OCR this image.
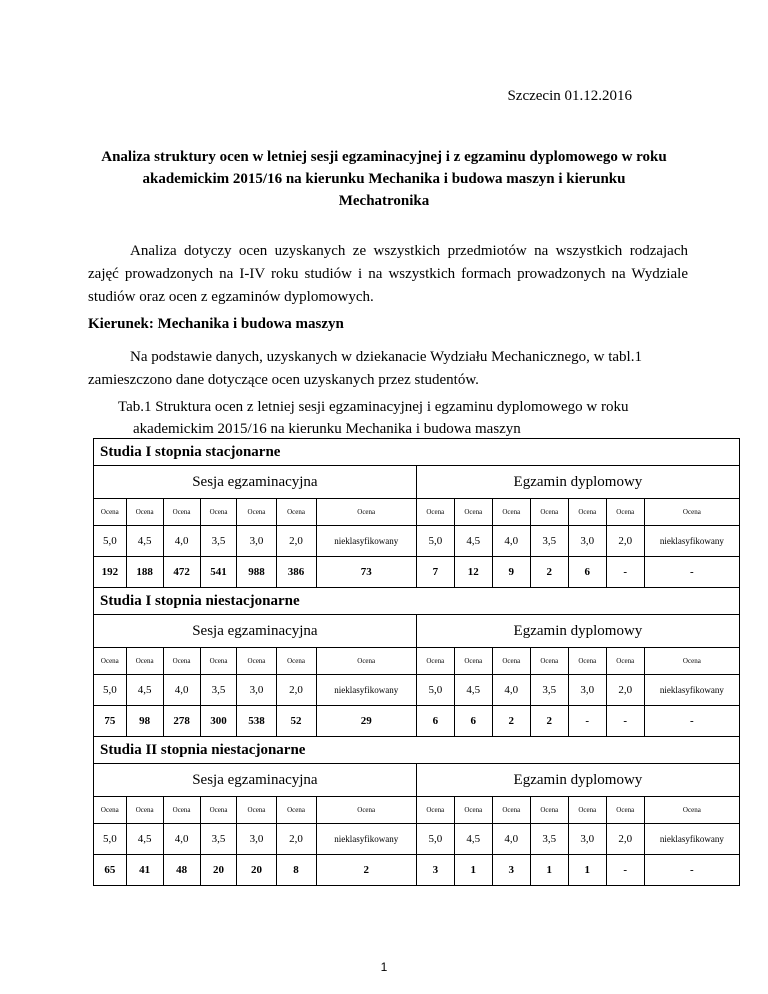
Szczecin 01.12.2016
Analiza struktury ocen w letniej sesji egzaminacyjnej i z egzaminu dyplomowego w roku
akademickim 2015/16 na kierunku Mechanika i budowa maszyn i kierunku
Mechatronika
Analiza dotyczy ocen uzyskanych ze wszystkich przedmiotów na wszystkich rodzajach zajęć prowadzonych na I-IV roku studiów i na wszystkich formach prowadzonych na Wydziale studiów oraz ocen z egzaminów dyplomowych.
Kierunek: Mechanika i budowa maszyn
Na podstawie danych, uzyskanych w dziekanacie Wydziału Mechanicznego, w tabl.1 zamieszczono dane dotyczące ocen uzyskanych przez studentów.
Tab.1 Struktura ocen z letniej sesji egzaminacyjnej i egzaminu dyplomowego w roku
akademickim 2015/16 na kierunku Mechanika i budowa maszyn
Studia I stopnia stacjonarne													
Sesja egzaminacyjna							Egzamin dyplomowy						
Ocena	Ocena	Ocena	Ocena	Ocena	Ocena	Ocena	Ocena	Ocena	Ocena	Ocena	Ocena	Ocena	Ocena
5,0	4,5	4,0	3,5	3,0	2,0	nieklasyfikowany	5,0	4,5	4,0	3,5	3,0	2,0	nieklasyfikowany
192	188	472	541	988	386	73	7	12	9	2	6	-	-
Studia I stopnia niestacjonarne													
Sesja egzaminacyjna							Egzamin dyplomowy						
Ocena	Ocena	Ocena	Ocena	Ocena	Ocena	Ocena	Ocena	Ocena	Ocena	Ocena	Ocena	Ocena	Ocena
5,0	4,5	4,0	3,5	3,0	2,0	nieklasyfikowany	5,0	4,5	4,0	3,5	3,0	2,0	nieklasyfikowany
75	98	278	300	538	52	29	6	6	2	2	-	-	-
Studia II stopnia niestacjonarne													
Sesja egzaminacyjna							Egzamin dyplomowy						
Ocena	Ocena	Ocena	Ocena	Ocena	Ocena	Ocena	Ocena	Ocena	Ocena	Ocena	Ocena	Ocena	Ocena
5,0	4,5	4,0	3,5	3,0	2,0	nieklasyfikowany	5,0	4,5	4,0	3,5	3,0	2,0	nieklasyfikowany
65	41	48	20	20	8	2	3	1	3	1	1	-	-
1
